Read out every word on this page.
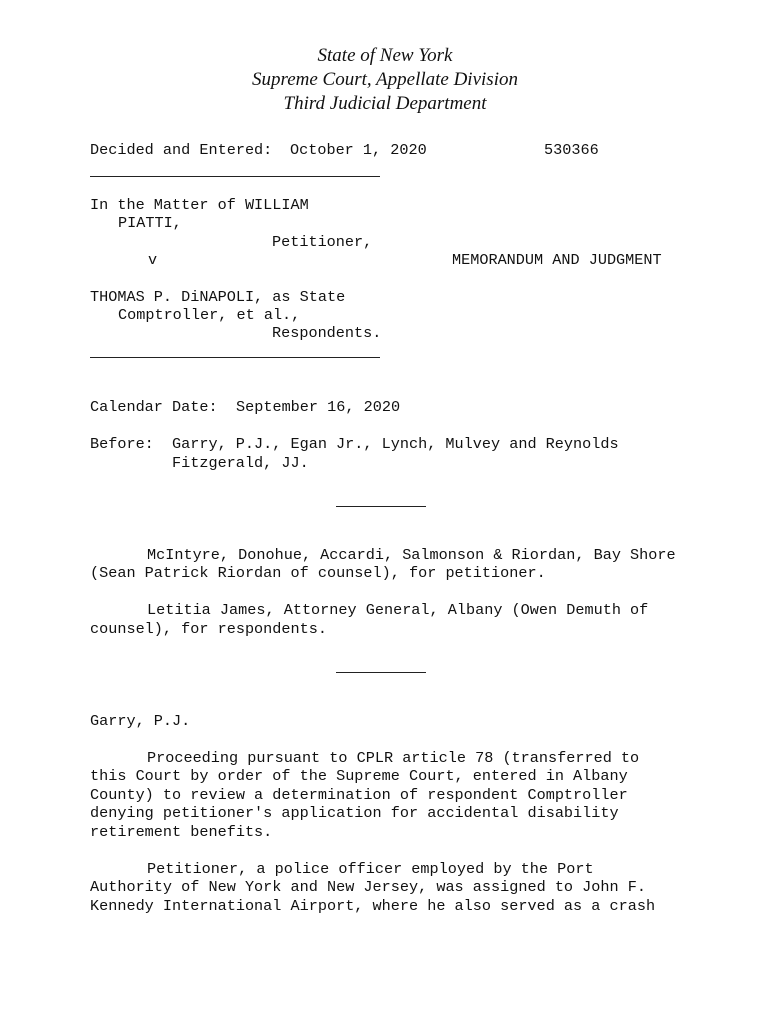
State of New York
Supreme Court, Appellate Division
Third Judicial Department
Decided and Entered: October 1, 2020	530366
In the Matter of WILLIAM
PIATTI,
Petitioner,
v	MEMORANDUM AND JUDGMENT
THOMAS P. DiNAPOLI, as State
Comptroller, et al.,
Respondents.
Calendar Date: September 16, 2020
Before: Garry, P.J., Egan Jr., Lynch, Mulvey and Reynolds
Fitzgerald, JJ.
McIntyre, Donohue, Accardi, Salmonson & Riordan, Bay Shore
(Sean Patrick Riordan of counsel), for petitioner.
Letitia James, Attorney General, Albany (Owen Demuth of
counsel), for respondents.
Garry, P.J.
Proceeding pursuant to CPLR article 78 (transferred to
this Court by order of the Supreme Court, entered in Albany
County) to review a determination of respondent Comptroller
denying petitioner's application for accidental disability
retirement benefits.
Petitioner, a police officer employed by the Port
Authority of New York and New Jersey, was assigned to John F.
Kennedy International Airport, where he also served as a crash
